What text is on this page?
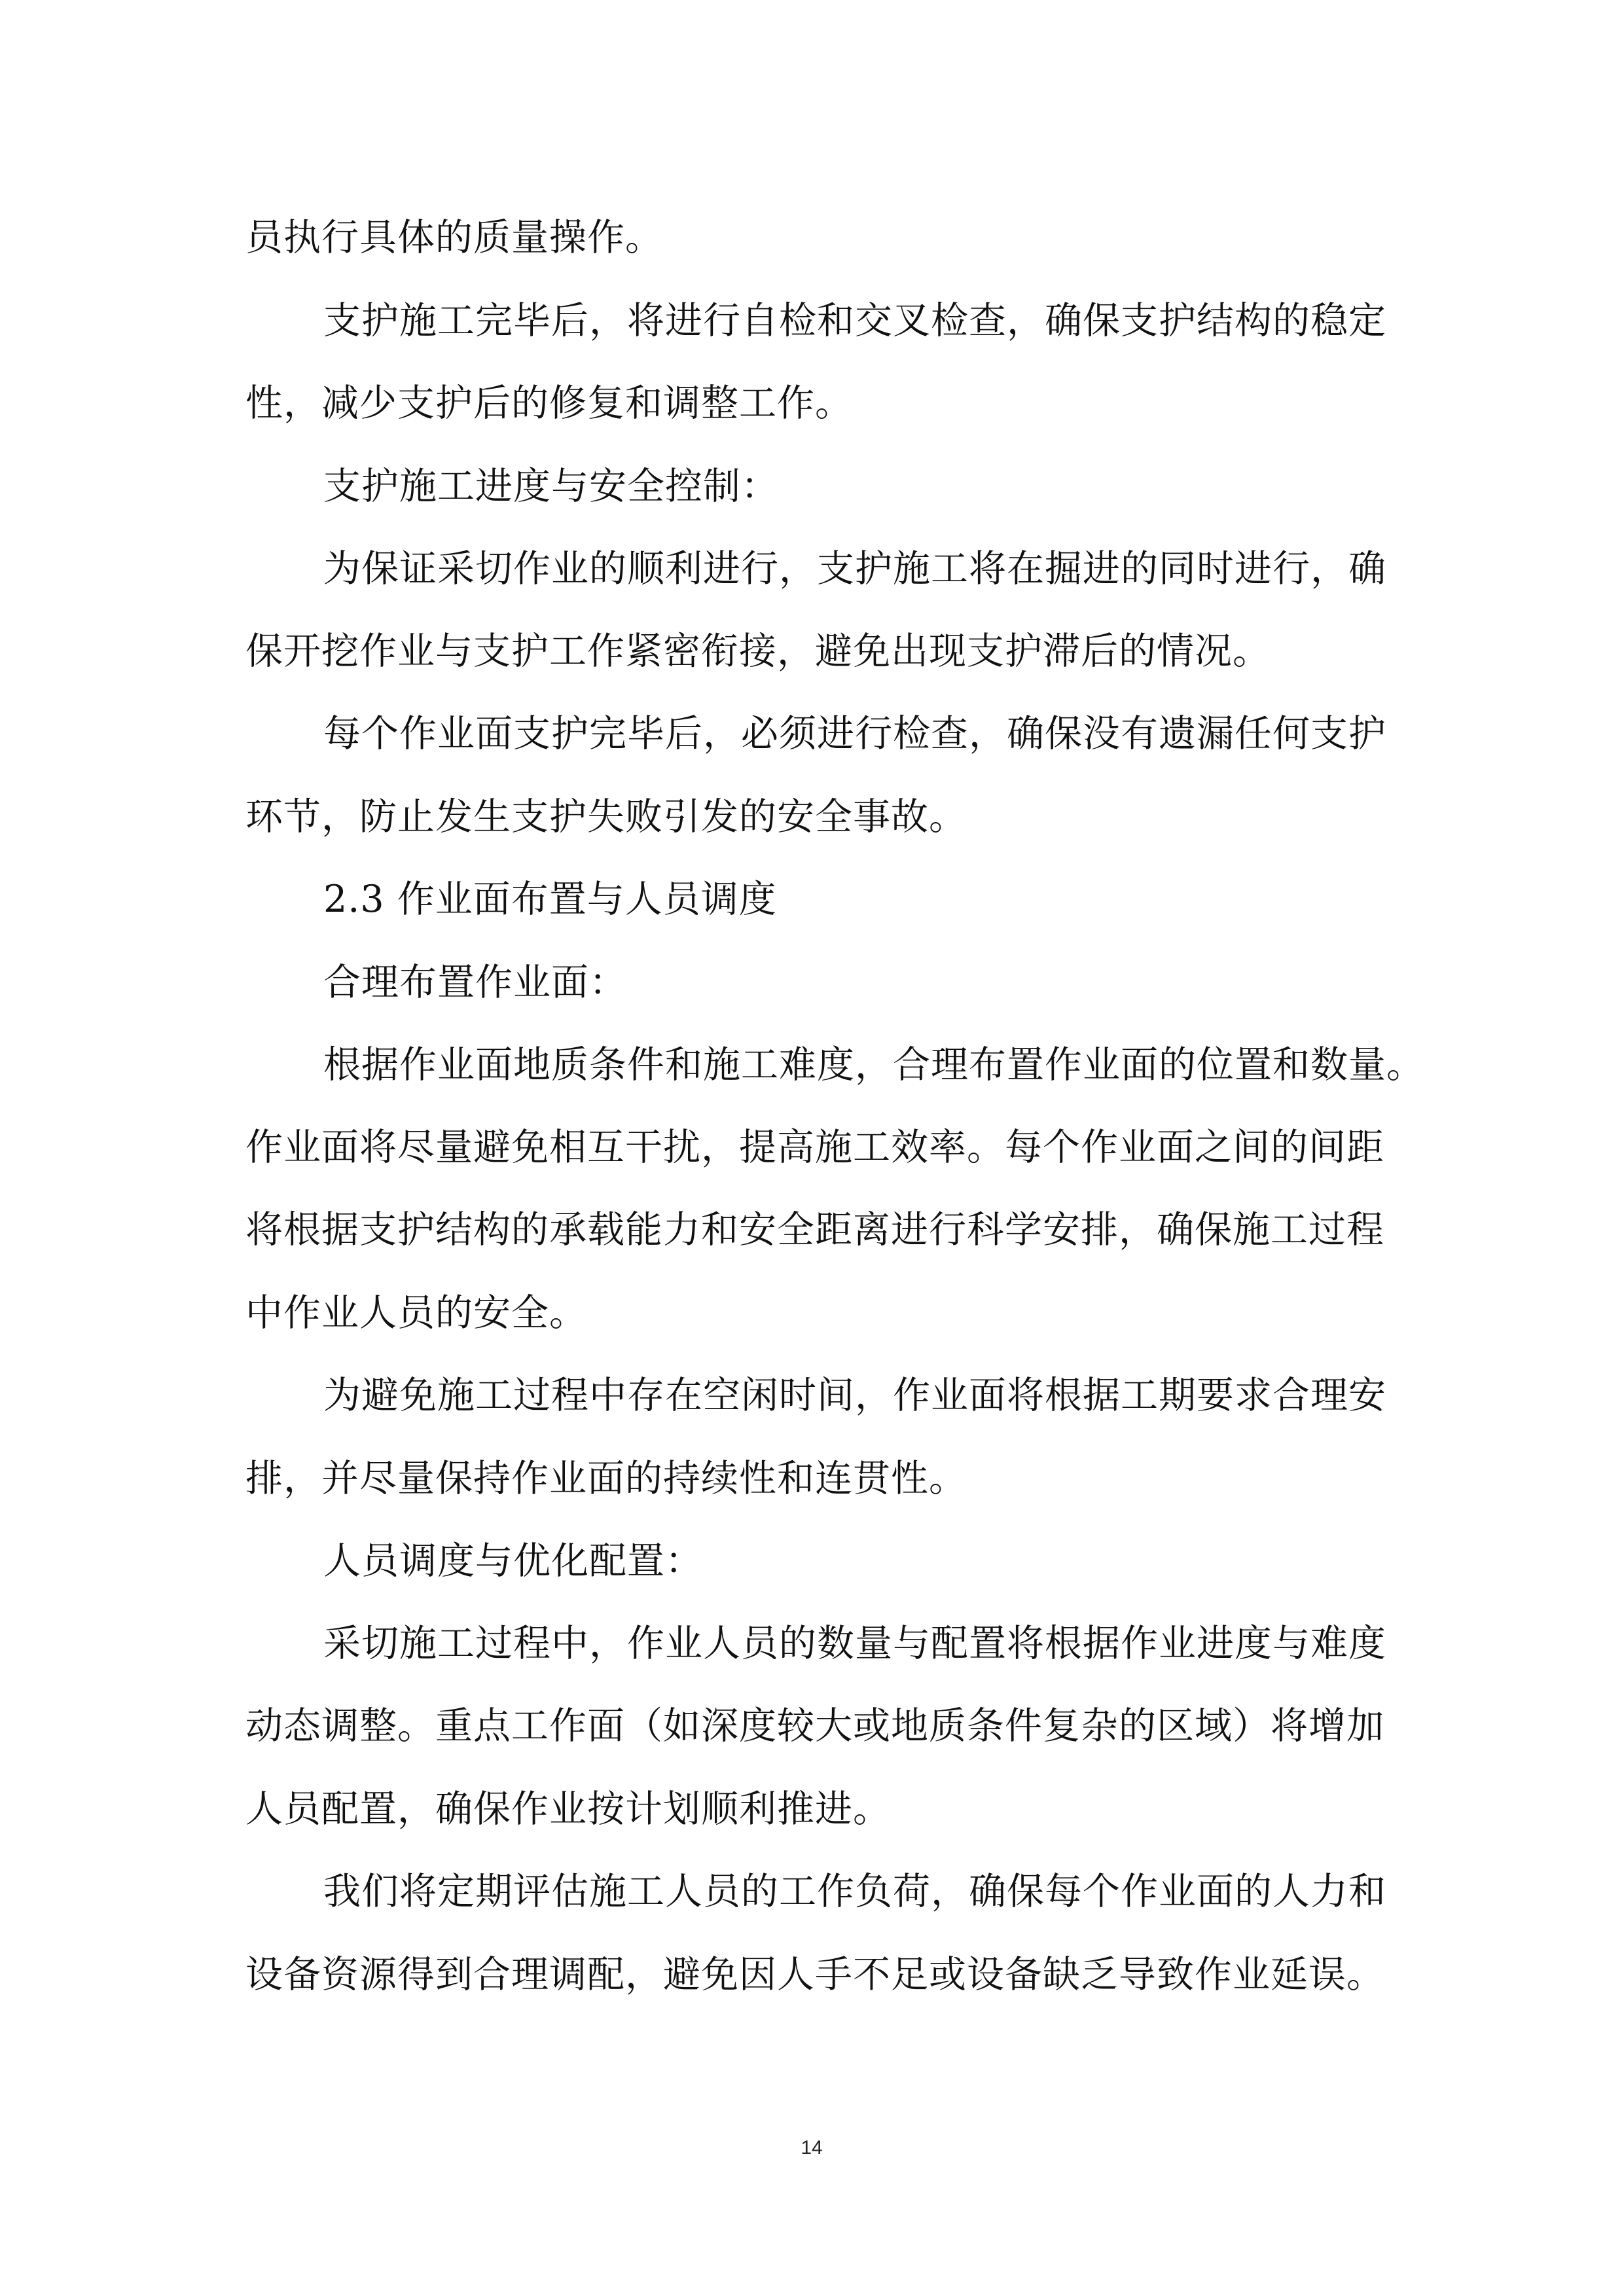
员执行具体的质量操作。
支护施工完毕后，将进行自检和交叉检查，确保支护结构的稳定
性，减少支护后的修复和调整工作。
支护施工进度与安全控制：
为保证采切作业的顺利进行，支护施工将在掘进的同时进行，确
保开挖作业与支护工作紧密衔接，避免出现支护滞后的情况。
每个作业面支护完毕后，必须进行检查，确保没有遗漏任何支护
环节，防止发生支护失败引发的安全事故。
2.3 作业面布置与人员调度
合理布置作业面：
根据作业面地质条件和施工难度，合理布置作业面的位置和数量。
作业面将尽量避免相互干扰，提高施工效率。每个作业面之间的间距
将根据支护结构的承载能力和安全距离进行科学安排，确保施工过程
中作业人员的安全。
为避免施工过程中存在空闲时间，作业面将根据工期要求合理安
排，并尽量保持作业面的持续性和连贯性。
人员调度与优化配置：
采切施工过程中，作业人员的数量与配置将根据作业进度与难度
动态调整。重点工作面（如深度较大或地质条件复杂的区域）将增加
人员配置，确保作业按计划顺利推进。
我们将定期评估施工人员的工作负荷，确保每个作业面的人力和
设备资源得到合理调配，避免因人手不足或设备缺乏导致作业延误。
14
